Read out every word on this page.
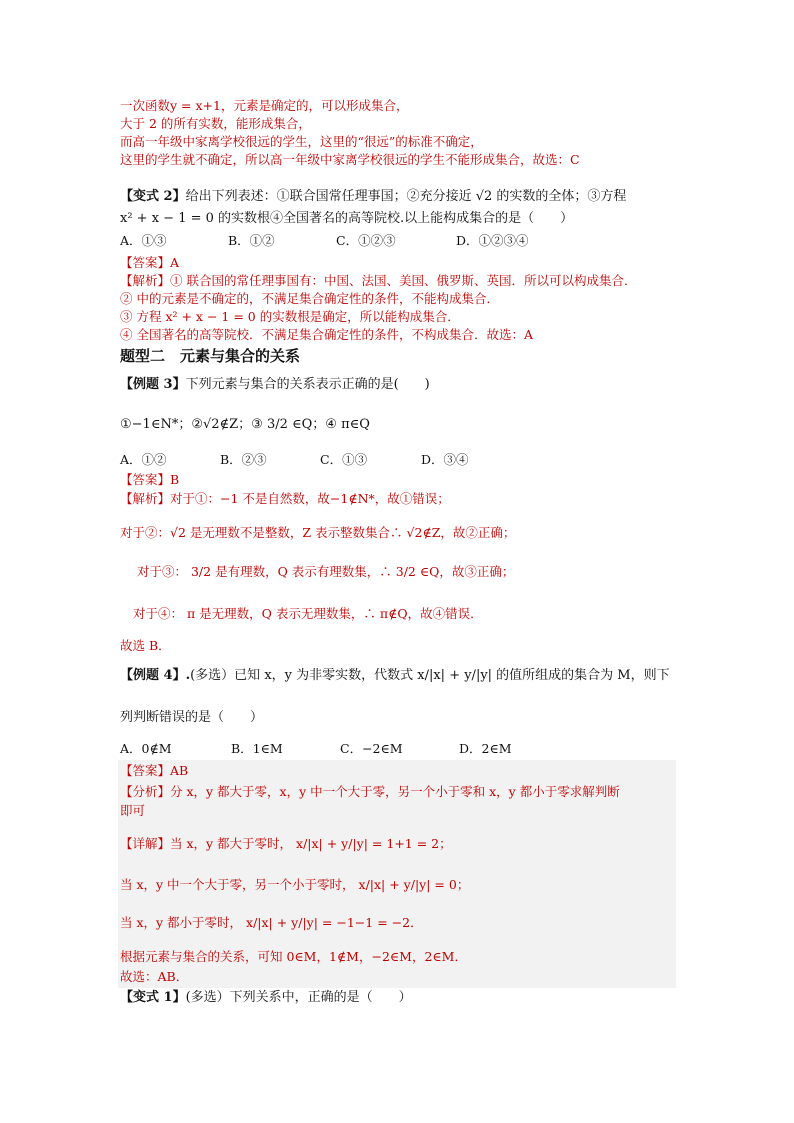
一次函数y = x+1，元素是确定的，可以形成集合，
大于 2 的所有实数，能形成集合，
而高一年级中家离学校很远的学生，这里的“很远”的标准不确定，
这里的学生就不确定，所以高一年级中家离学校很远的学生不能形成集合，故选：C
【变式 2】给出下列表述：①联合国常任理事国；②充分接近 √2 的实数的全体；③方程
x² + x − 1 = 0 的实数根④全国著名的高等院校.以上能构成集合的是（　　）
A．①③	B．①②	C．①②③	D．①②③④
【答案】A
【解析】① 联合国的常任理事国有：中国、法国、美国、俄罗斯、英国．所以可以构成集合．
② 中的元素是不确定的，不满足集合确定性的条件，不能构成集合．
③ 方程 x² + x − 1 = 0 的实数根是确定，所以能构成集合．
④ 全国著名的高等院校．不满足集合确定性的条件，不构成集合．故选：A
题型二　元素与集合的关系
【例题 3】下列元素与集合的关系表示正确的是(　　)
①−1∈N*；②√2∉Z；③ 3/2 ∈Q；④ π∈Q
A．①②	B．②③	C．①③	D．③④
【答案】B
【解析】对于①：−1 不是自然数，故−1∉N*，故①错误；
对于②：√2 是无理数不是整数，Z 表示整数集合∴ √2∉Z，故②正确；
对于③： 3/2 是有理数，Q 表示有理数集，∴ 3/2 ∈Q，故③正确；
对于④： π 是无理数，Q 表示无理数集，∴ π∉Q，故④错误．
故选 B．
【例题 4】.(多选）已知 x，y 为非零实数，代数式 x/|x| + y/|y| 的值所组成的集合为 M，则下
列判断错误的是（　　）
A．0∉M	B．1∈M	C．−2∈M	D．2∈M
【答案】AB
【分析】分 x，y 都大于零，x，y 中一个大于零，另一个小于零和 x，y 都小于零求解判断
即可
【详解】当 x，y 都大于零时， x/|x| + y/|y| = 1+1 = 2；
当 x，y 中一个大于零，另一个小于零时， x/|x| + y/|y| = 0；
当 x，y 都小于零时， x/|x| + y/|y| = −1−1 = −2．
根据元素与集合的关系，可知 0∈M，1∉M，−2∈M，2∈M．
故选：AB．
【变式 1】(多选）下列关系中，正确的是（　　）
